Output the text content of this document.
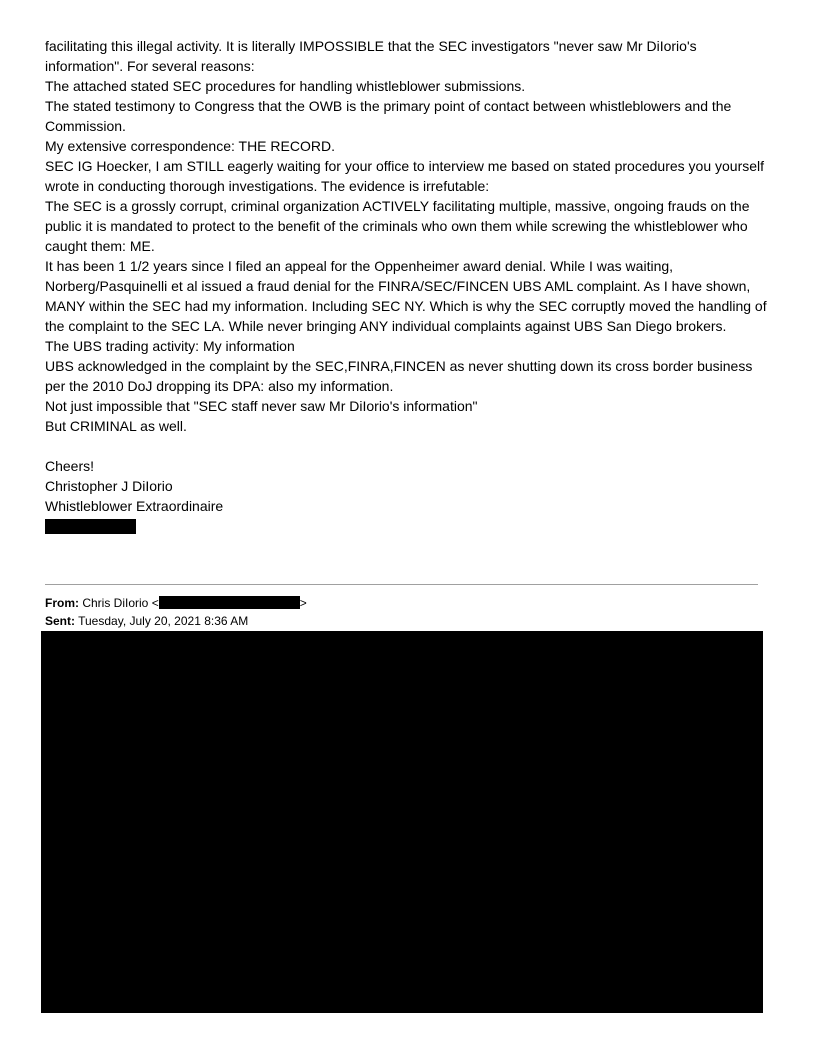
facilitating this illegal activity. It is literally IMPOSSIBLE that the SEC investigators "never saw Mr DiIorio's information". For several reasons:
The attached stated SEC procedures for handling whistleblower submissions.
The stated testimony to Congress that the OWB is the primary point of contact between whistleblowers and the Commission.
My extensive correspondence: THE RECORD.
SEC IG Hoecker, I am STILL eagerly waiting for your office to interview me based on stated procedures you yourself wrote in conducting thorough investigations. The evidence is irrefutable:
The SEC is a grossly corrupt, criminal organization ACTIVELY facilitating multiple, massive, ongoing frauds on the public it is mandated to protect to the benefit of the criminals who own them while screwing the whistleblower who caught them: ME.
It has been 1 1/2 years since I filed an appeal for the Oppenheimer award denial. While I was waiting, Norberg/Pasquinelli et al issued a fraud denial for the FINRA/SEC/FINCEN UBS AML complaint. As I have shown, MANY within the SEC had my information. Including SEC NY. Which is why the SEC corruptly moved the handling of the complaint to the SEC LA. While never bringing ANY individual complaints against UBS San Diego brokers.
The UBS trading activity: My information
UBS acknowledged in the complaint by the SEC,FINRA,FINCEN as never shutting down its cross border business per the 2010 DoJ dropping its DPA: also my information.
Not just impossible that "SEC staff never saw Mr DiIorio's information"
But CRIMINAL as well.
Cheers!
Christopher J DiIorio
Whistleblower Extraordinaire
From: Chris DiIorio <	>
Sent: Tuesday, July 20, 2021 8:36 AM
